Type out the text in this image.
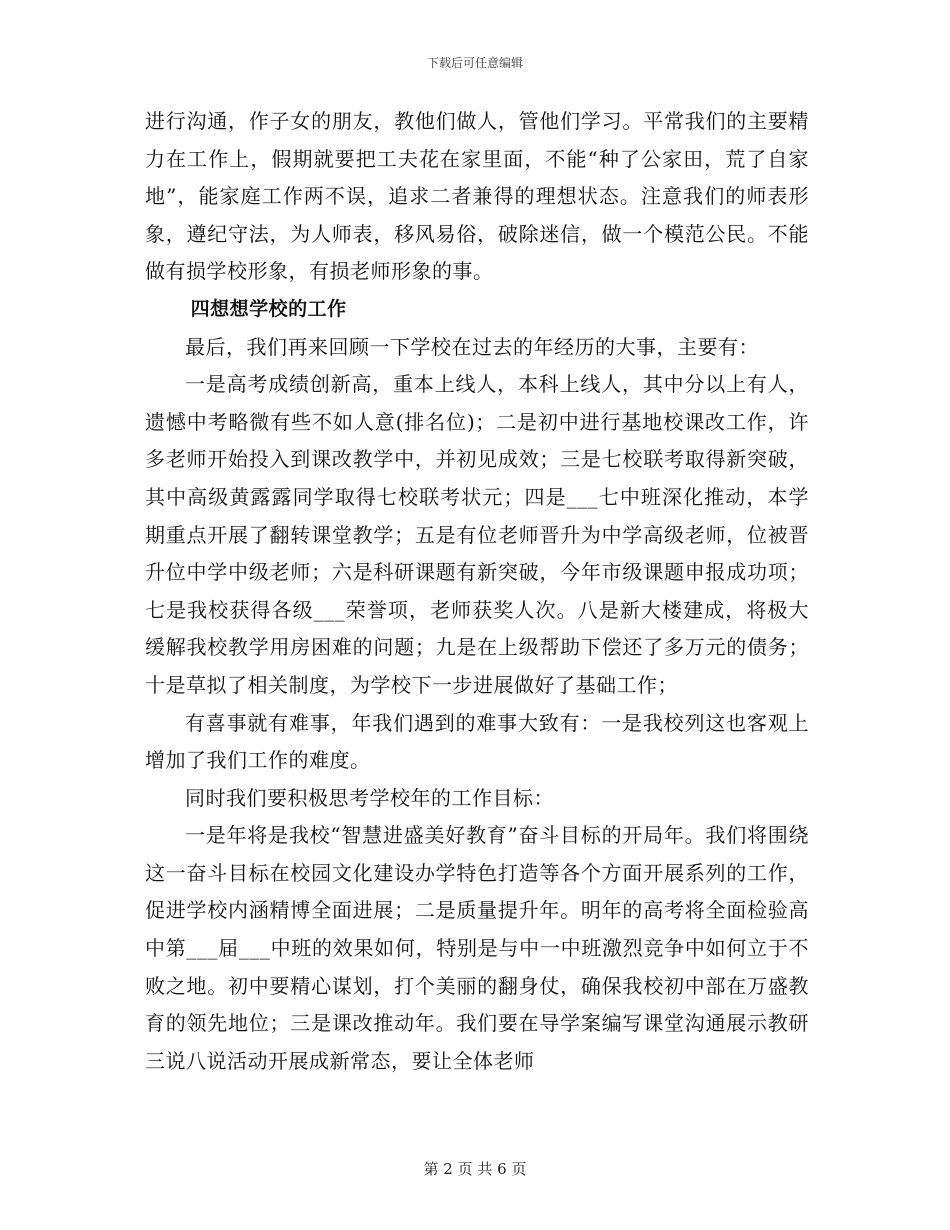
下载后可任意编辑

进行沟通，作子女的朋友，教他们做人，管他们学习。平常我们的主要精力在工作上，假期就要把工夫花在家里面，不能“种了公家田，荒了自家地”，能家庭工作两不误，追求二者兼得的理想状态。注意我们的师表形象，遵纪守法，为人师表，移风易俗，破除迷信，做一个模范公民。不能做有损学校形象，有损老师形象的事。

四想想学校的工作

最后，我们再来回顾一下学校在过去的年经历的大事，主要有：

一是高考成绩创新高，重本上线人，本科上线人，其中分以上有人，遗憾中考略微有些不如人意(排名位)；二是初中进行基地校课改工作，许多老师开始投入到课改教学中，并初见成效；三是七校联考取得新突破，其中高级黄露露同学取得七校联考状元；四是___七中班深化推动，本学期重点开展了翻转课堂教学；五是有位老师晋升为中学高级老师，位被晋升位中学中级老师；六是科研课题有新突破，今年市级课题申报成功项；七是我校获得各级___荣誉项，老师获奖人次。八是新大楼建成，将极大缓解我校教学用房困难的问题；九是在上级帮助下偿还了多万元的债务；十是草拟了相关制度，为学校下一步进展做好了基础工作；

有喜事就有难事，年我们遇到的难事大致有：一是我校列这也客观上增加了我们工作的难度。

同时我们要积极思考学校年的工作目标：

一是年将是我校“智慧进盛美好教育”奋斗目标的开局年。我们将围绕这一奋斗目标在校园文化建设办学特色打造等各个方面开展系列的工作，促进学校内涵精博全面进展；二是质量提升年。明年的高考将全面检验高中第___届___中班的效果如何，特别是与中一中班激烈竞争中如何立于不败之地。初中要精心谋划，打个美丽的翻身仗，确保我校初中部在万盛教育的领先地位；三是课改推动年。我们要在导学案编写课堂沟通展示教研三说八说活动开展成新常态，要让全体老师

第 2 页 共 6 页
